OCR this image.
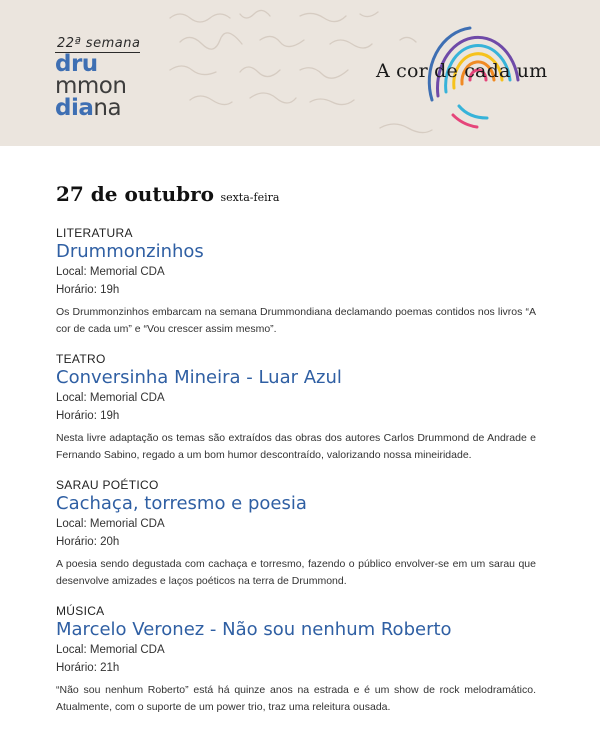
22ª semana
dru
mmon
diana
A cor de cada um
27 de outubro sexta-feira
LITERATURA
Drummonzinhos
Local: Memorial CDA
Horário: 19h
Os Drummonzinhos embarcam na semana Drummondiana declamando poemas contidos nos livros “A cor de cada um” e “Vou crescer assim mesmo”.
TEATRO
Conversinha Mineira - Luar Azul
Local: Memorial CDA
Horário: 19h
Nesta livre adaptação os temas são extraídos das obras dos autores Carlos Drummond de Andrade e Fernando Sabino, regado a um bom humor descontraído, valorizando nossa mineiridade.
SARAU POÉTICO
Cachaça, torresmo e poesia
Local: Memorial CDA
Horário: 20h
A poesia sendo degustada com cachaça e torresmo, fazendo o público envolver-se em um sarau que desenvolve amizades e laços poéticos na terra de Drummond.
MÚSICA
Marcelo Veronez - Não sou nenhum Roberto
Local: Memorial CDA
Horário: 21h
“Não sou nenhum Roberto” está há quinze anos na estrada e é um show de rock melodramático. Atualmente, com o suporte de um power trio, traz uma releitura ousada.
